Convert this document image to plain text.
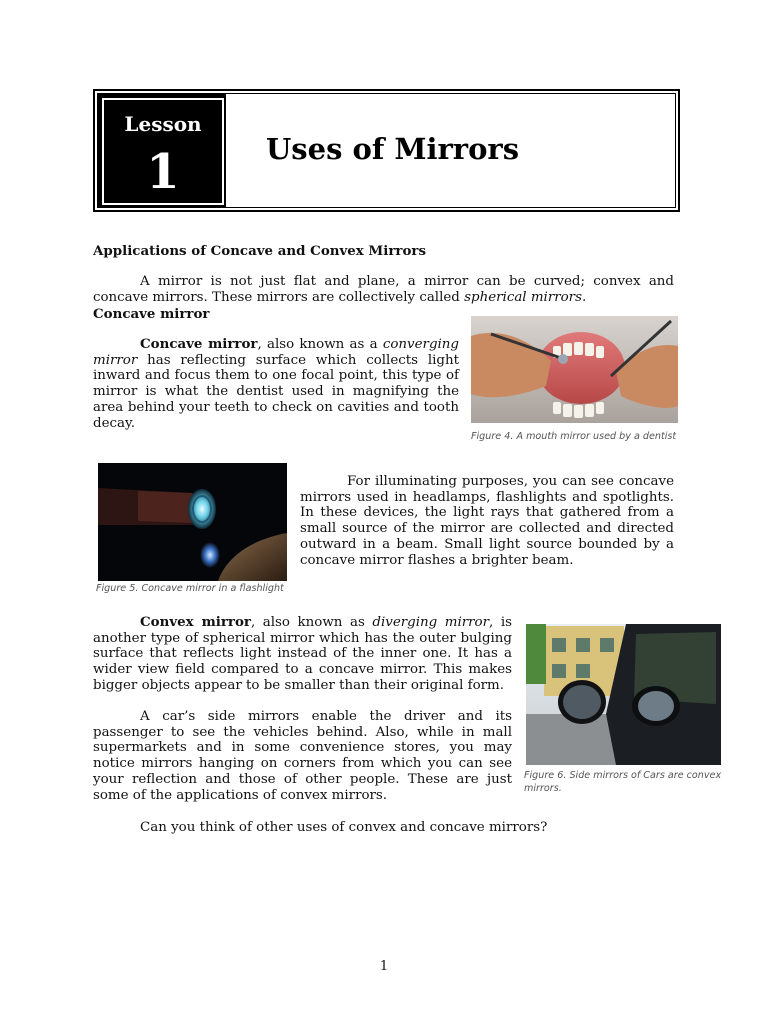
Lesson
1	Uses of Mirrors
Applications of Concave and Convex Mirrors

A mirror is not just flat and plane, a mirror can be curved; convex and concave mirrors. These mirrors are collectively called spherical mirrors.

Concave mirror

Concave mirror, also known as a converging mirror has reflecting surface which collects light inward and focus them to one focal point, this type of mirror is what the dentist used in magnifying the area behind your teeth to check on cavities and tooth decay.

Figure 4. A mouth mirror used by a dentist
Figure 5. Concave mirror in a flashlight

For illuminating purposes, you can see concave mirrors used in headlamps, flashlights and spotlights. In these devices, the light rays that gathered from a small source of the mirror are collected and directed outward in a beam. Small light source bounded by a concave mirror flashes a brighter beam.

Convex mirror, also known as diverging mirror, is another type of spherical mirror which has the outer bulging surface that reflects light instead of the inner one. It has a wider view field compared to a concave mirror. This makes bigger objects appear to be smaller than their original form.

A car’s side mirrors enable the driver and its passenger to see the vehicles behind. Also, while in mall supermarkets and in some convenience stores, you may notice mirrors hanging on corners from which you can see your reflection and those of other people. These are just some of the applications of convex mirrors.

Figure 6. Side mirrors of Cars are convex mirrors.

Can you think of other uses of convex and concave mirrors?

1
